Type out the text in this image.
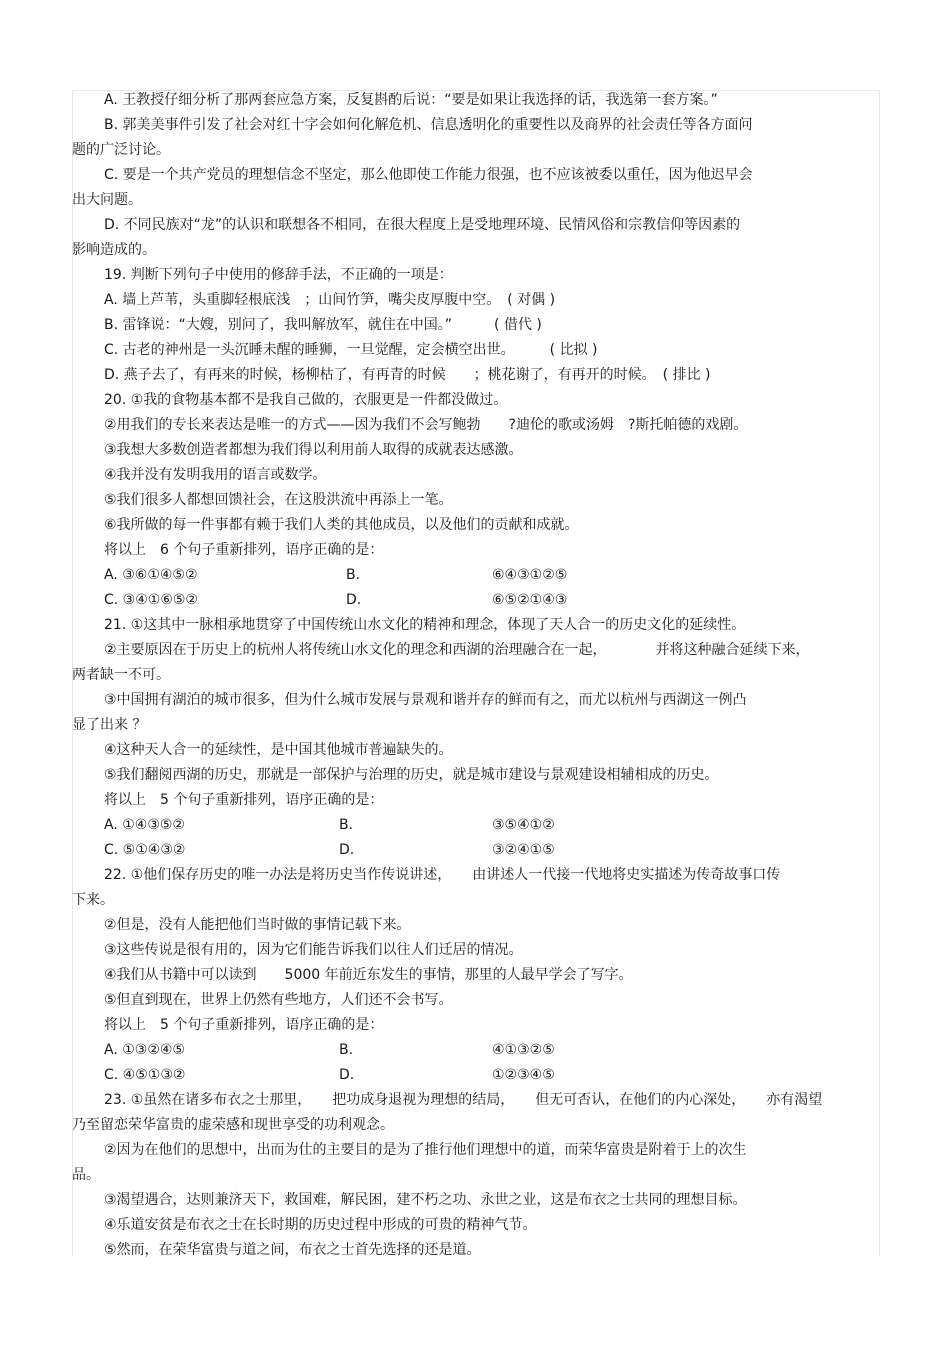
A. 王教授仔细分析了那两套应急方案，反复斟酌后说：“要是如果让我选择的话，我选第一套方案。”
B. 郭美美事件引发了社会对红十字会如何化解危机、信息透明化的重要性以及商界的社会责任等各方面问
题的广泛讨论。
C. 要是一个共产党员的理想信念不坚定，那么他即使工作能力很强，也不应该被委以重任，因为他迟早会
出大问题。
D. 不同民族对“龙”的认识和联想各不相同，在很大程度上是受地理环境、民情风俗和宗教信仰等因素的
影响造成的。
19. 判断下列句子中使用的修辞手法，不正确的一项是：
A. 墙上芦苇，头重脚轻根底浅　；山间竹笋，嘴尖皮厚腹中空。　( 对偶 )
B. 雷锋说：“大嫂，别问了，我叫解放军，就住在中国。”　　　( 借代 )
C. 古老的神州是一头沉睡未醒的睡狮，一旦觉醒，定会横空出世。　　　( 比拟 )
D. 燕子去了，有再来的时候，杨柳枯了，有再青的时候　　；桃花谢了，有再开的时候。　( 排比 )
20. ①我的食物基本都不是我自己做的，衣服更是一件都没做过。
②用我们的专长来表达是唯一的方式——因为我们不会写鲍勃　　?迪伦的歌或汤姆　?斯托帕德的戏剧。
③我想大多数创造者都想为我们得以利用前人取得的成就表达感激。
④我并没有发明我用的语言或数学。
⑤我们很多人都想回馈社会，在这股洪流中再添上一笔。
⑥我所做的每一件事都有赖于我们人类的其他成员，以及他们的贡献和成就。
将以上　6 个句子重新排列，语序正确的是：
A. ③⑥①④⑤②	B.	⑥④③①②⑤
C. ③④①⑥⑤②	D.	⑥⑤②①④③
21. ①这其中一脉相承地贯穿了中国传统山水文化的精神和理念，体现了天人合一的历史文化的延续性。
②主要原因在于历史上的杭州人将传统山水文化的理念和西湖的治理融合在一起，　　　　并将这种融合延续下来，
两者缺一不可。
③中国拥有湖泊的城市很多，但为什么城市发展与景观和谐并存的鲜而有之，而尤以杭州与西湖这一例凸
显了出来 ？
④这种天人合一的延续性，是中国其他城市普遍缺失的。
⑤我们翻阅西湖的历史，那就是一部保护与治理的历史，就是城市建设与景观建设相辅相成的历史。
将以上　5 个句子重新排列，语序正确的是：
A. ①④③⑤②	B.	③⑤④①②
C. ⑤①④③②	D.	③②④①⑤
22. ①他们保存历史的唯一办法是将历史当作传说讲述，　　由讲述人一代接一代地将史实描述为传奇故事口传
下来。
②但是，没有人能把他们当时做的事情记载下来。
③这些传说是很有用的，因为它们能告诉我们以往人们迁居的情况。
④我们从书籍中可以读到　　5000 年前近东发生的事情，那里的人最早学会了写字。
⑤但直到现在，世界上仍然有些地方，人们还不会书写。
将以上　5 个句子重新排列，语序正确的是：
A. ①③②④⑤	B.	④①③②⑤
C. ④⑤①③②	D.	①②③④⑤
23. ①虽然在诸多布衣之士那里，　　把功成身退视为理想的结局，　　但无可否认，在他们的内心深处，　　亦有渴望
乃至留恋荣华富贵的虚荣感和现世享受的功利观念。
②因为在他们的思想中，出而为仕的主要目的是为了推行他们理想中的道，而荣华富贵是附着于上的次生
品。
③渴望遇合，达则兼济天下，救国难，解民困，建不朽之功、永世之业，这是布衣之士共同的理想目标。
④乐道安贫是布衣之士在长时期的历史过程中形成的可贵的精神气节。
⑤然而，在荣华富贵与道之间，布衣之士首先选择的还是道。
